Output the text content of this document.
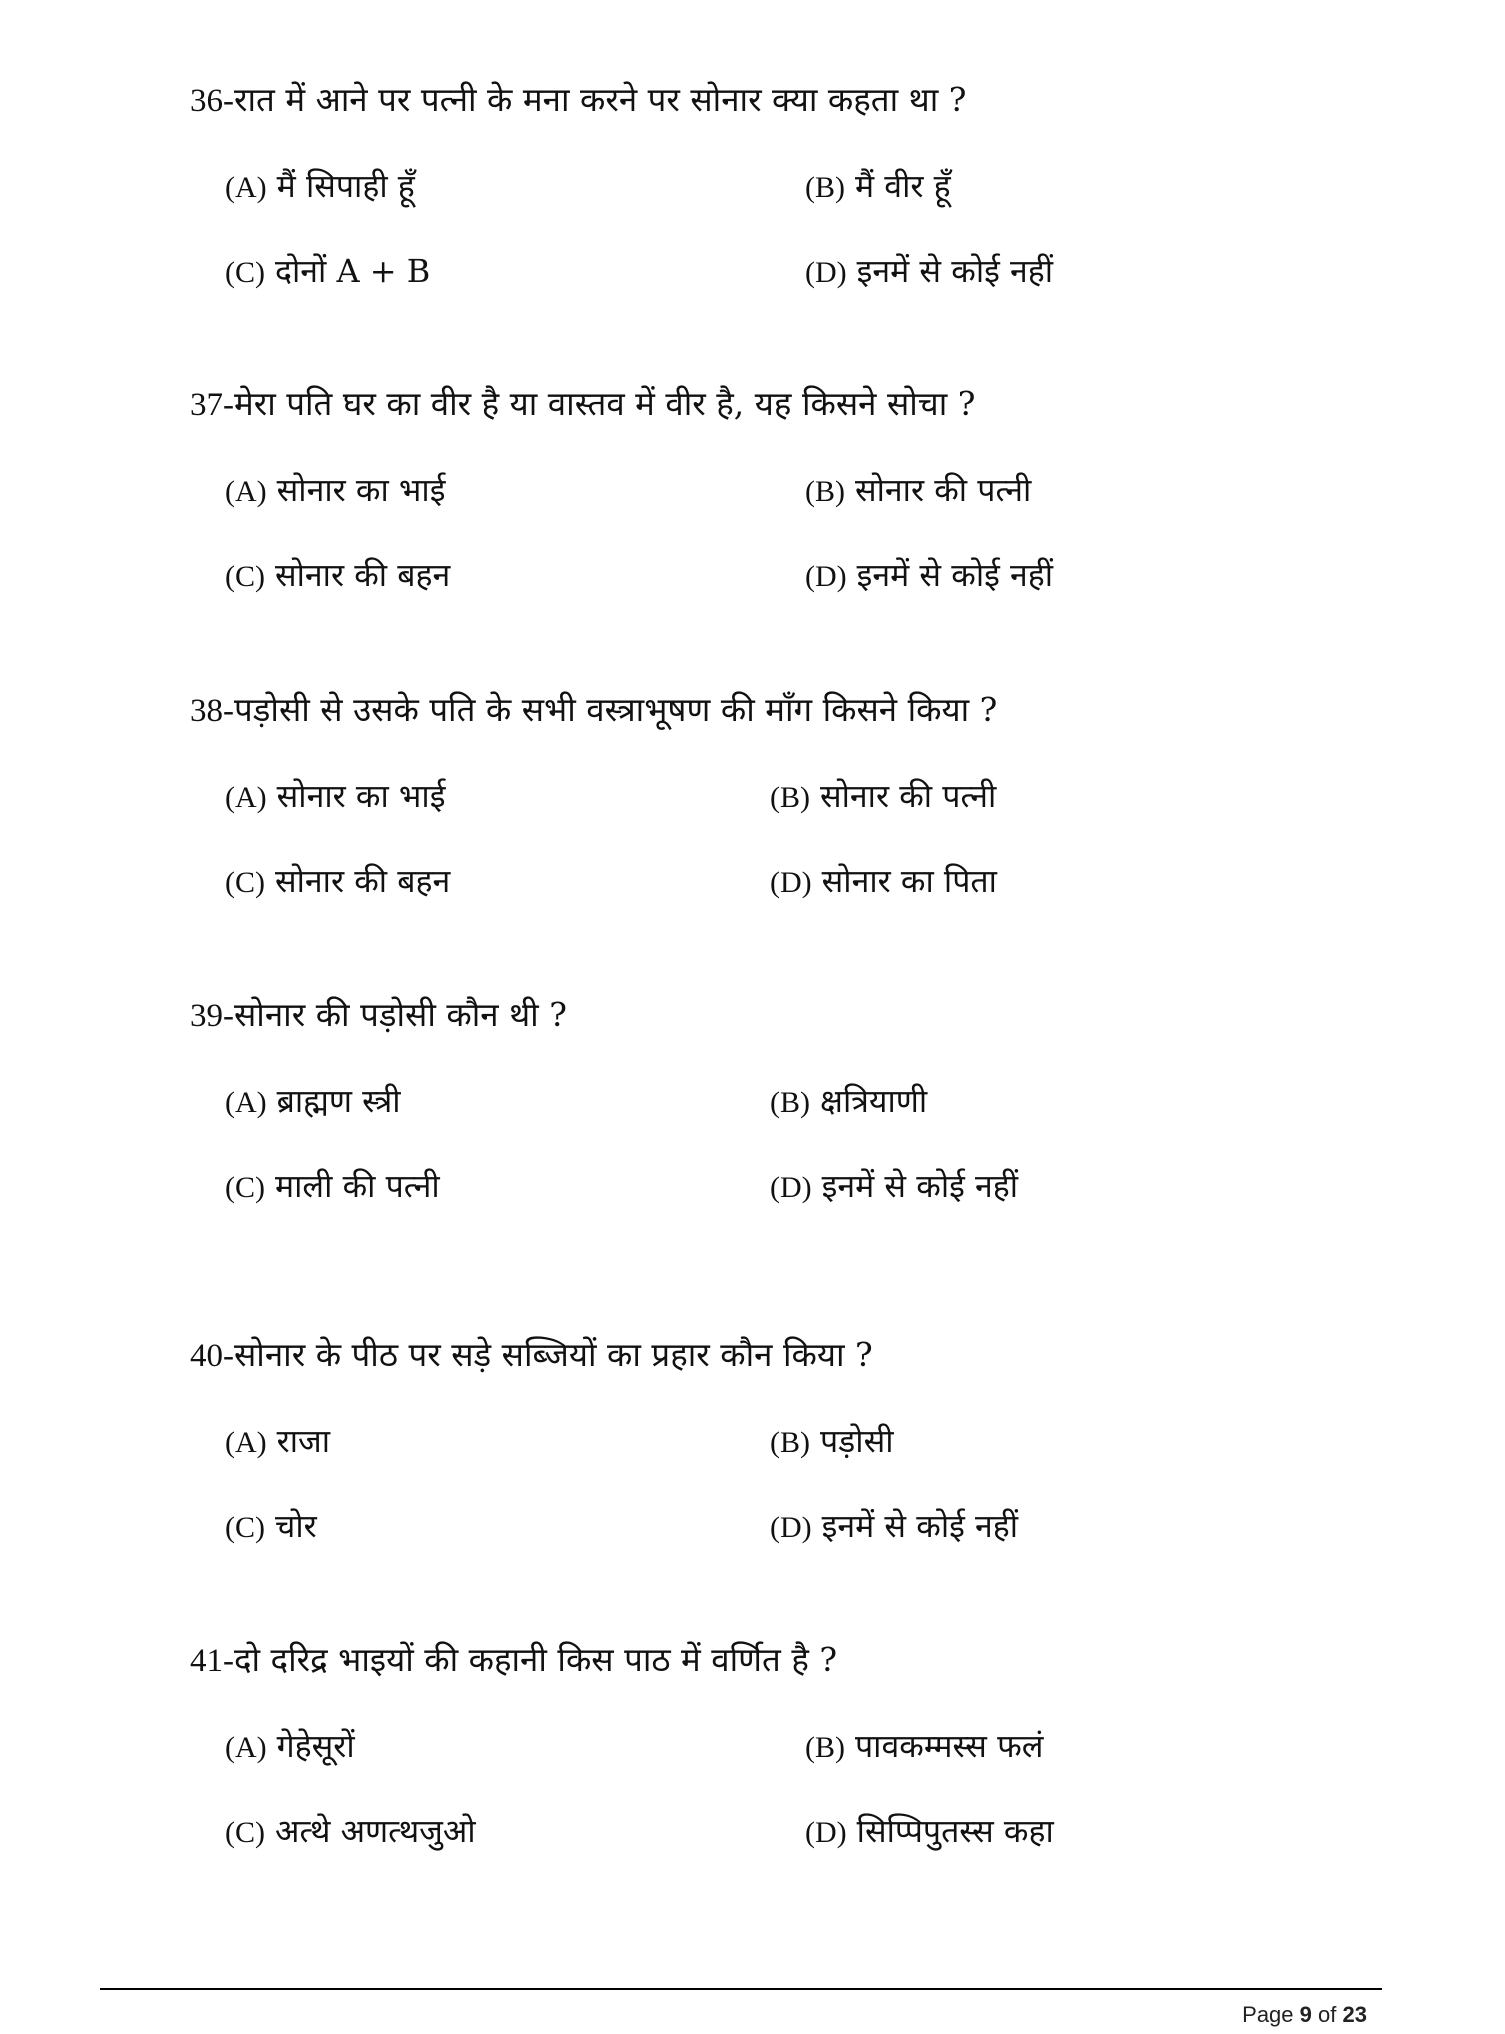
36-रात में आने पर पत्नी के मना करने पर सोनार क्या कहता था ?
(A) मैं सिपाही हूँ	(B) मैं वीर हूँ
(C) दोनों A + B	(D) इनमें से कोई नहीं
37-मेरा पति घर का वीर है या वास्तव में वीर है, यह किसने सोचा ?
(A) सोनार का भाई	(B) सोनार की पत्नी
(C) सोनार की बहन	(D) इनमें से कोई नहीं
38-पड़ोसी से उसके पति के सभी वस्त्राभूषण की माँग किसने किया ?
(A) सोनार का भाई	(B) सोनार की पत्नी
(C) सोनार की बहन	(D) सोनार का पिता
39-सोनार की पड़ोसी कौन थी ?
(A) ब्राह्मण स्त्री	(B) क्षत्रियाणी
(C) माली की पत्नी	(D) इनमें से कोई नहीं
40-सोनार के पीठ पर सड़े सब्जियों का प्रहार कौन किया ?
(A) राजा	(B) पड़ोसी
(C) चोर	(D) इनमें से कोई नहीं
41-दो दरिद्र भाइयों की कहानी किस पाठ में वर्णित है ?
(A) गेहेसूरों	(B) पावकम्मस्स फलं
(C) अत्थे अणत्थजुओ	(D) सिप्पिपुतस्स कहा
Page 9 of 23
